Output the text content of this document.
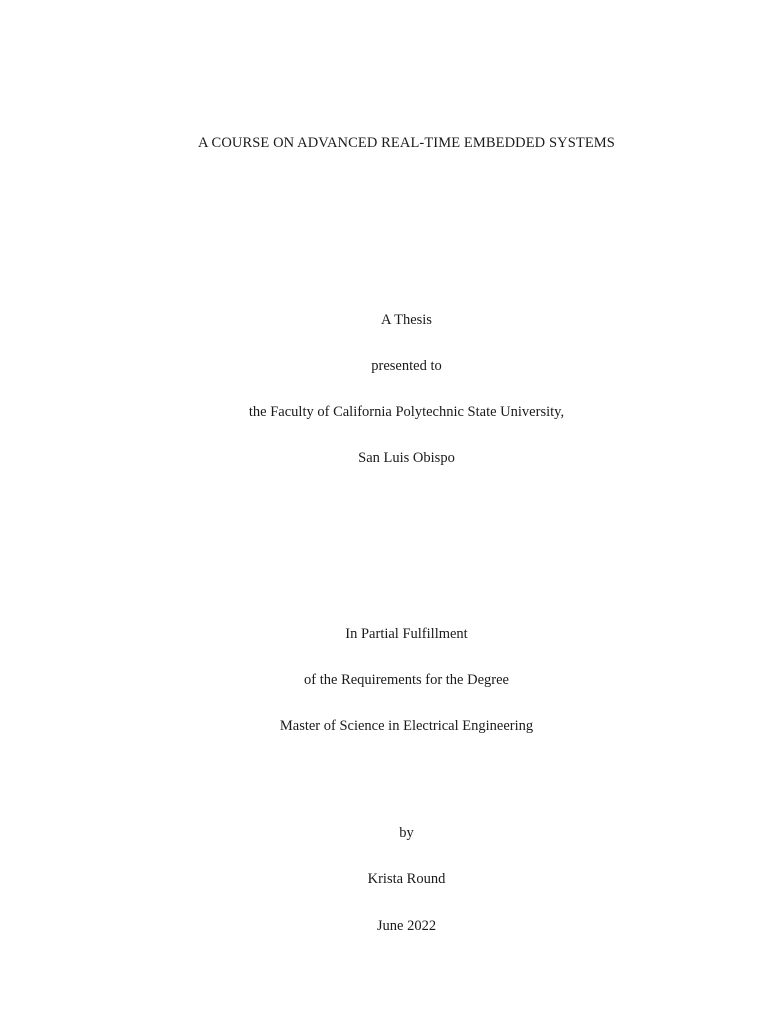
A COURSE ON ADVANCED REAL-TIME EMBEDDED SYSTEMS
A Thesis
presented to
the Faculty of California Polytechnic State University,
San Luis Obispo
In Partial Fulfillment
of the Requirements for the Degree
Master of Science in Electrical Engineering
by
Krista Round
June 2022
